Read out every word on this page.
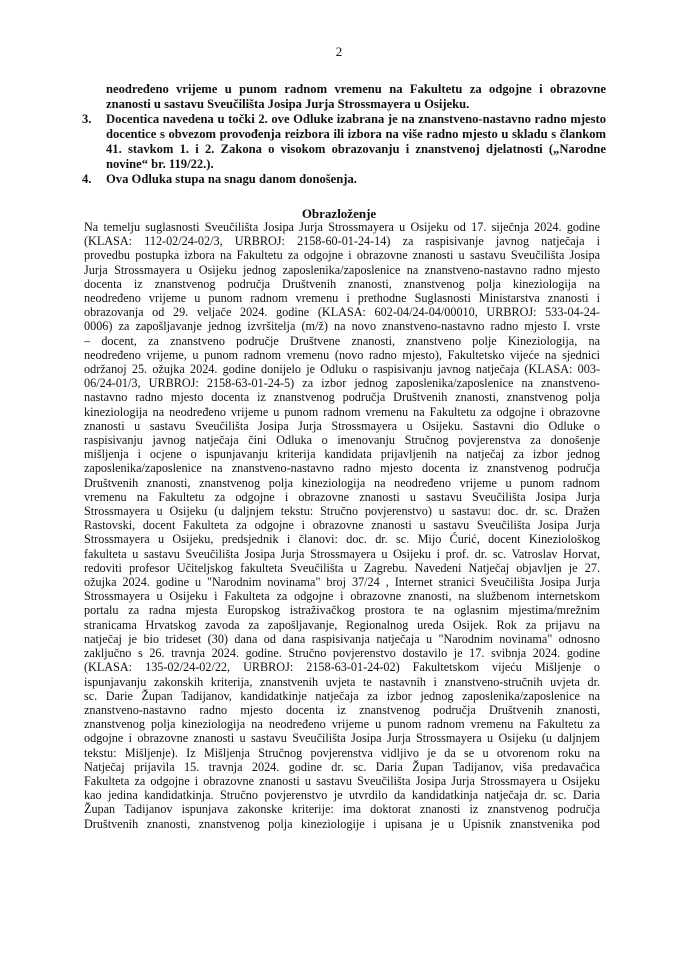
2

neodređeno vrijeme u punom radnom vremenu na Fakultetu za odgojne i obrazovne znanosti u sastavu Sveučilišta Josipa Jurja Strossmayera u Osijeku.

3.	Docentica navedena u točki 2. ove Odluke izabrana je na znanstveno-nastavno radno mjesto docentice s obvezom provođenja reizbora ili izbora na više radno mjesto u skladu s člankom 41. stavkom 1. i 2. Zakona o visokom obrazovanju i znanstvenoj djelatnosti („Narodne novine“ br. 119/22.).
4.	Ova Odluka stupa na snagu danom donošenja.
Obrazloženje
Na temelju suglasnosti Sveučilišta Josipa Jurja Strossmayera u Osijeku od 17. siječnja 2024. godine
(KLASA: 112-02/24-02/3, URBROJ: 2158-60-01-24-14) za raspisivanje javnog natječaja i
provedbu postupka izbora na Fakultetu za odgojne i obrazovne znanosti u sastavu Sveučilišta Josipa
Jurja Strossmayera u Osijeku jednog zaposlenika/zaposlenice na znanstveno-nastavno radno mjesto
docenta iz znanstvenog područja Društvenih znanosti, znanstvenog polja kineziologija na
neodređeno vrijeme u punom radnom vremenu i prethodne Suglasnosti Ministarstva znanosti i
obrazovanja od 29. veljače 2024. godine (KLASA: 602-04/24-04/00010, URBROJ: 533-04-24-
0006) za zapošljavanje jednog izvršitelja (m/ž) na novo znanstveno-nastavno radno mjesto I. vrste
– docent, za znanstveno područje Društvene znanosti, znanstveno polje Kineziologija, na
neodređeno vrijeme, u punom radnom vremenu (novo radno mjesto), Fakultetsko vijeće na sjednici
održanoj 25. ožujka 2024. godine donijelo je Odluku o raspisivanju javnog natječaja (KLASA: 003-
06/24-01/3, URBROJ: 2158-63-01-24-5) za izbor jednog zaposlenika/zaposlenice na znanstveno-
nastavno radno mjesto docenta iz znanstvenog područja Društvenih znanosti, znanstvenog polja
kineziologija na neodređeno vrijeme u punom radnom vremenu na Fakultetu za odgojne i obrazovne
znanosti u sastavu Sveučilišta Josipa Jurja Strossmayera u Osijeku. Sastavni dio Odluke o
raspisivanju javnog natječaja čini Odluka o imenovanju Stručnog povjerenstva za donošenje
mišljenja i ocjene o ispunjavanju kriterija kandidata prijavljenih na natječaj za izbor jednog
zaposlenika/zaposlenice na znanstveno-nastavno radno mjesto docenta iz znanstvenog područja
Društvenih znanosti, znanstvenog polja kineziologija na neodređeno vrijeme u punom radnom
vremenu na Fakultetu za odgojne i obrazovne znanosti u sastavu Sveučilišta Josipa Jurja
Strossmayera u Osijeku (u daljnjem tekstu: Stručno povjerenstvo) u sastavu: doc. dr. sc. Dražen
Rastovski, docent Fakulteta za odgojne i obrazovne znanosti u sastavu Sveučilišta Josipa Jurja
Strossmayera u Osijeku, predsjednik i članovi: doc. dr. sc. Mijo Ćurić, docent Kineziološkog
fakulteta u sastavu Sveučilišta Josipa Jurja Strossmayera u Osijeku i prof. dr. sc. Vatroslav Horvat,
redoviti profesor Učiteljskog fakulteta Sveučilišta u Zagrebu. Navedeni Natječaj objavljen je 27.
ožujka 2024. godine u "Narodnim novinama" broj 37/24 , Internet stranici Sveučilišta Josipa Jurja
Strossmayera u Osijeku i Fakulteta za odgojne i obrazovne znanosti, na službenom internetskom
portalu za radna mjesta Europskog istraživačkog prostora te na oglasnim mjestima/mrežnim
stranicama Hrvatskog zavoda za zapošljavanje, Regionalnog ureda Osijek. Rok za prijavu na
natječaj je bio trideset (30) dana od dana raspisivanja natječaja u "Narodnim novinama" odnosno
zaključno s 26. travnja 2024. godine. Stručno povjerenstvo dostavilo je 17. svibnja 2024. godine
(KLASA: 135-02/24-02/22, URBROJ: 2158-63-01-24-02) Fakultetskom vijeću Mišljenje o
ispunjavanju zakonskih kriterija, znanstvenih uvjeta te nastavnih i znanstveno-stručnih uvjeta dr.
sc. Darie Župan Tadijanov, kandidatkinje natječaja za izbor jednog zaposlenika/zaposlenice na
znanstveno-nastavno radno mjesto docenta iz znanstvenog područja Društvenih znanosti,
znanstvenog polja kineziologija na neodređeno vrijeme u punom radnom vremenu na Fakultetu za
odgojne i obrazovne znanosti u sastavu Sveučilišta Josipa Jurja Strossmayera u Osijeku (u daljnjem
tekstu: Mišljenje). Iz Mišljenja Stručnog povjerenstva vidljivo je da se u otvorenom roku na
Natječaj prijavila 15. travnja 2024. godine dr. sc. Daria Župan Tadijanov, viša predavačica
Fakulteta za odgojne i obrazovne znanosti u sastavu Sveučilišta Josipa Jurja Strossmayera u Osijeku
kao jedina kandidatkinja. Stručno povjerenstvo je utvrdilo da kandidatkinja natječaja dr. sc. Daria
Župan Tadijanov ispunjava zakonske kriterije: ima doktorat znanosti iz znanstvenog područja
Društvenih znanosti, znanstvenog polja kineziologije i upisana je u Upisnik znanstvenika pod
